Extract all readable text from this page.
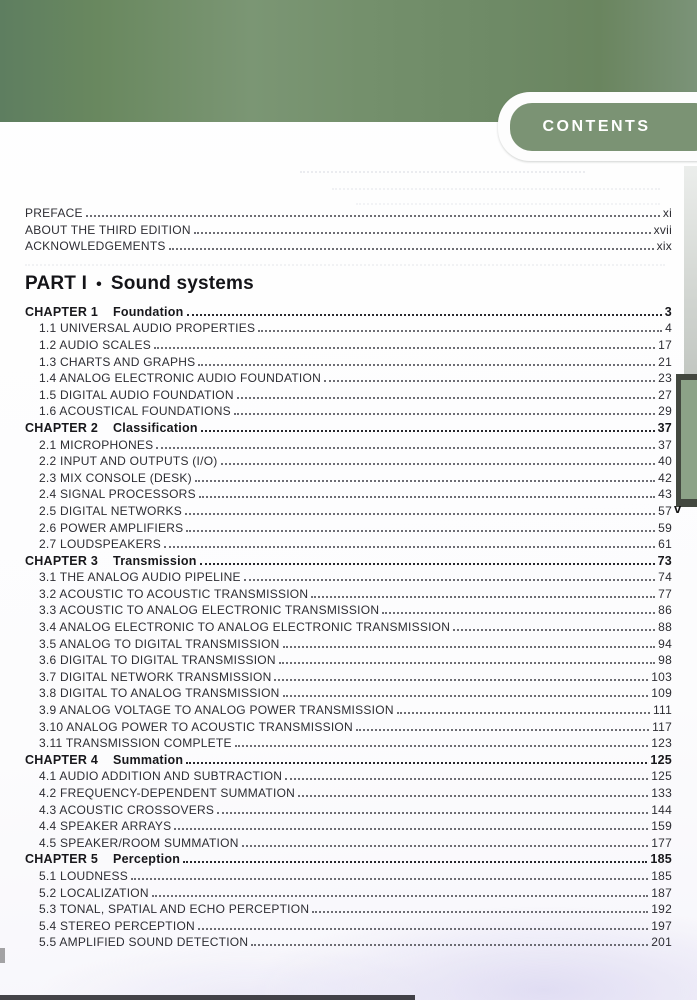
CONTENTS
PREFACE	xi
ABOUT THE THIRD EDITION	xvii
ACKNOWLEDGEMENTS	xix
PART I • Sound systems
CHAPTER 1	Foundation	3
1.1 UNIVERSAL AUDIO PROPERTIES	4
1.2 AUDIO SCALES	17
1.3 CHARTS AND GRAPHS	21
1.4 ANALOG ELECTRONIC AUDIO FOUNDATION	23
1.5 DIGITAL AUDIO FOUNDATION	27
1.6 ACOUSTICAL FOUNDATIONS	29
CHAPTER 2	Classification	37
2.1 MICROPHONES	37
2.2 INPUT AND OUTPUTS (I/O)	40
2.3 MIX CONSOLE (DESK)	42
2.4 SIGNAL PROCESSORS	43
2.5 DIGITAL NETWORKS	57
2.6 POWER AMPLIFIERS	59
2.7 LOUDSPEAKERS	61
CHAPTER 3	Transmission	73
3.1 THE ANALOG AUDIO PIPELINE	74
3.2 ACOUSTIC TO ACOUSTIC TRANSMISSION	77
3.3 ACOUSTIC TO ANALOG ELECTRONIC TRANSMISSION	86
3.4 ANALOG ELECTRONIC TO ANALOG ELECTRONIC TRANSMISSION	88
3.5 ANALOG TO DIGITAL TRANSMISSION	94
3.6 DIGITAL TO DIGITAL TRANSMISSION	98
3.7 DIGITAL NETWORK TRANSMISSION	103
3.8 DIGITAL TO ANALOG TRANSMISSION	109
3.9 ANALOG VOLTAGE TO ANALOG POWER TRANSMISSION	111
3.10 ANALOG POWER TO ACOUSTIC TRANSMISSION	117
3.11 TRANSMISSION COMPLETE	123
CHAPTER 4	Summation	125
4.1 AUDIO ADDITION AND SUBTRACTION	125
4.2 FREQUENCY-DEPENDENT SUMMATION	133
4.3 ACOUSTIC CROSSOVERS	144
4.4 SPEAKER ARRAYS	159
4.5 SPEAKER/ROOM SUMMATION	177
CHAPTER 5	Perception	185
5.1 LOUDNESS	185
5.2 LOCALIZATION	187
5.3 TONAL, SPATIAL AND ECHO PERCEPTION	192
5.4 STEREO PERCEPTION	197
5.5 AMPLIFIED SOUND DETECTION	201
v
